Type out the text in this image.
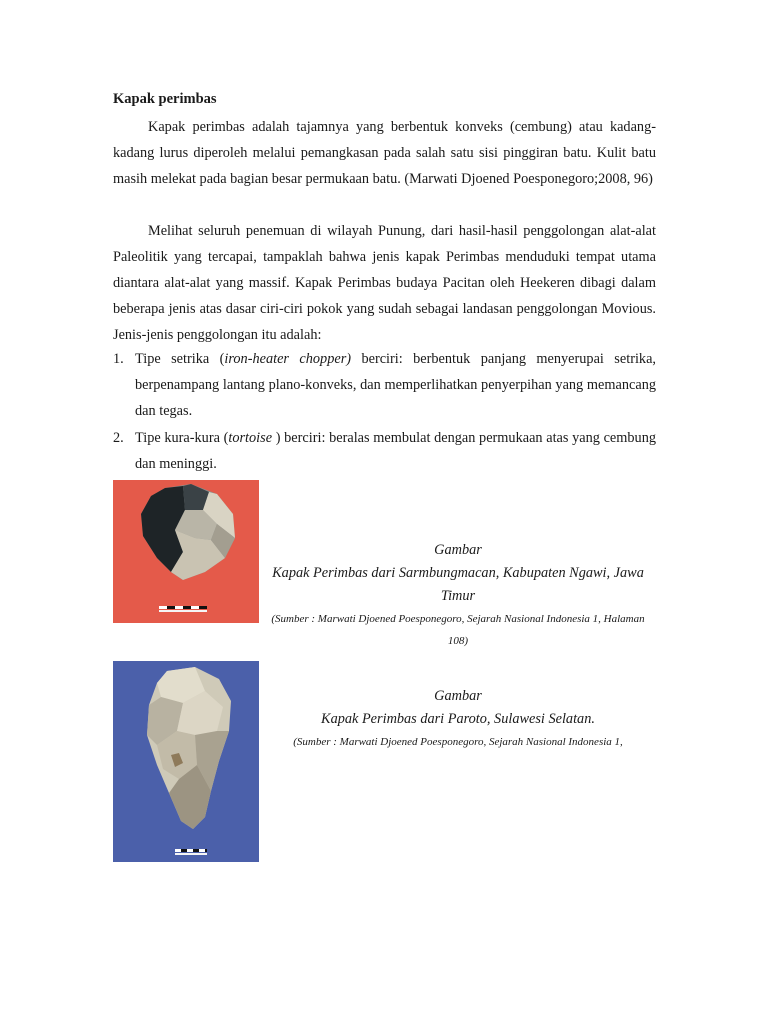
Kapak perimbas
Kapak perimbas adalah tajamnya yang berbentuk konveks (cembung) atau kadang-kadang lurus diperoleh melalui pemangkasan pada salah satu sisi pinggiran batu. Kulit batu masih melekat pada bagian besar permukaan batu. (Marwati Djoened Poesponegoro;2008, 96)
Melihat seluruh penemuan di wilayah Punung, dari hasil-hasil penggolongan alat-alat Paleolitik yang tercapai, tampaklah bahwa jenis kapak Perimbas menduduki tempat utama diantara alat-alat yang massif. Kapak Perimbas budaya Pacitan oleh Heekeren dibagi dalam beberapa jenis atas dasar ciri-ciri pokok yang sudah sebagai landasan penggolongan Movious. Jenis-jenis penggolongan itu adalah:
1. Tipe setrika (iron-heater chopper) berciri: berbentuk panjang menyerupai setrika, berpenampang lantang plano-konveks, dan memperlihatkan penyerpihan yang memancang dan tegas.
2. Tipe kura-kura (tortoise ) berciri: beralas membulat dengan permukaan atas yang cembung dan meninggi.
Gambar
Kapak Perimbas dari Sarmbungmacan, Kabupaten Ngawi, Jawa Timur
(Sumber : Marwati Djoened Poesponegoro, Sejarah Nasional Indonesia 1, Halaman 108)
Gambar
Kapak Perimbas dari Paroto, Sulawesi Selatan.
(Sumber : Marwati Djoened Poesponegoro, Sejarah Nasional Indonesia 1,
